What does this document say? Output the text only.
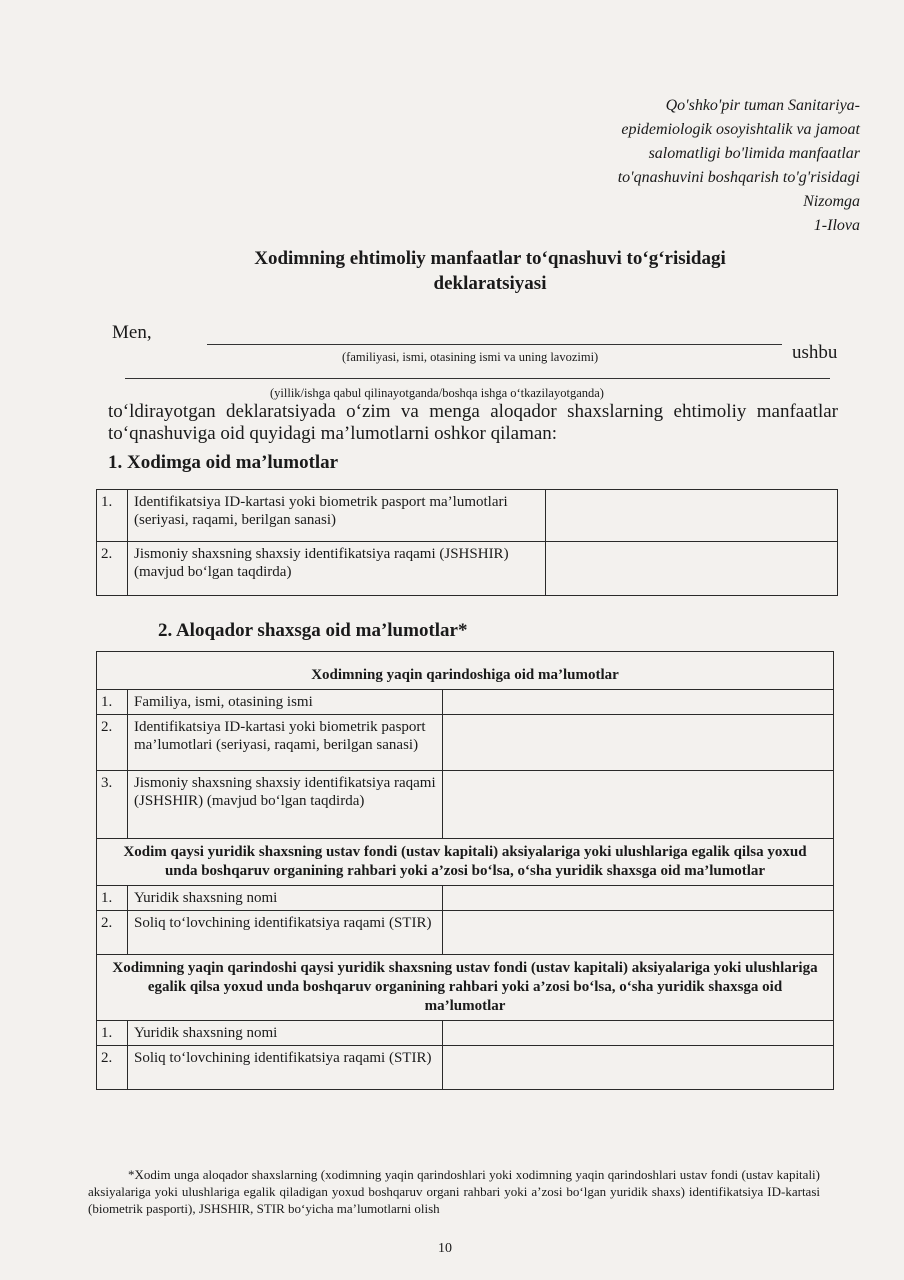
Qo'shko'pir tuman Sanitariya-
epidemiologik osoyishtalik va jamoat
salomatligi bo'limida manfaatlar
to'qnashuvini boshqarish to'g'risidagi
Nizomga
1-Ilova
Xodimning ehtimoliy manfaatlar to‘qnashuvi to‘g‘risidagi
deklaratsiyasi
Men,
(familiyasi, ismi, otasining ismi va uning lavozimi)	ushbu
(yillik/ishga qabul qilinayotganda/boshqa ishga o‘tkazilayotganda)
to‘ldirayotgan deklaratsiyada o‘zim va menga aloqador shaxslarning ehtimoliy manfaatlar to‘qnashuviga oid quyidagi ma’lumotlarni oshkor qilaman:
1. Xodimga oid ma’lumotlar
1.	Identifikatsiya ID-kartasi yoki biometrik pasport ma’lumotlari (seriyasi, raqami, berilgan sanasi)	
2.	Jismoniy shaxsning shaxsiy identifikatsiya raqami (JSHSHIR) (mavjud bo‘lgan taqdirda)	
2. Aloqador shaxsga oid ma’lumotlar*
Xodimning yaqin qarindoshiga oid ma’lumotlar		
1.	Familiya, ismi, otasining ismi	
2.	Identifikatsiya ID-kartasi yoki biometrik pasport ma’lumotlari (seriyasi, raqami, berilgan sanasi)	
3.	Jismoniy shaxsning shaxsiy identifikatsiya raqami (JSHSHIR) (mavjud bo‘lgan taqdirda)	
Xodim qaysi yuridik shaxsning ustav fondi (ustav kapitali) aksiyalariga yoki ulushlariga egalik qilsa yoxud unda boshqaruv organining rahbari yoki a’zosi bo‘lsa, o‘sha yuridik shaxsga oid ma’lumotlar		
1.	Yuridik shaxsning nomi	
2.	Soliq to‘lovchining identifikatsiya raqami (STIR)	
Xodimning yaqin qarindoshi qaysi yuridik shaxsning ustav fondi (ustav kapitali) aksiyalariga yoki ulushlariga egalik qilsa yoxud unda boshqaruv organining rahbari yoki a’zosi bo‘lsa, o‘sha yuridik shaxsga oid ma’lumotlar		
1.	Yuridik shaxsning nomi	
2.	Soliq to‘lovchining identifikatsiya raqami (STIR)	
*Xodim unga aloqador shaxslarning (xodimning yaqin qarindoshlari yoki xodimning yaqin qarindoshlari ustav fondi (ustav kapitali) aksiyalariga yoki ulushlariga egalik qiladigan yoxud boshqaruv organi rahbari yoki a’zosi bo‘lgan yuridik shaxs) identifikatsiya ID-kartasi (biometrik pasporti), JSHSHIR, STIR bo‘yicha ma’lumotlarni olish
10
